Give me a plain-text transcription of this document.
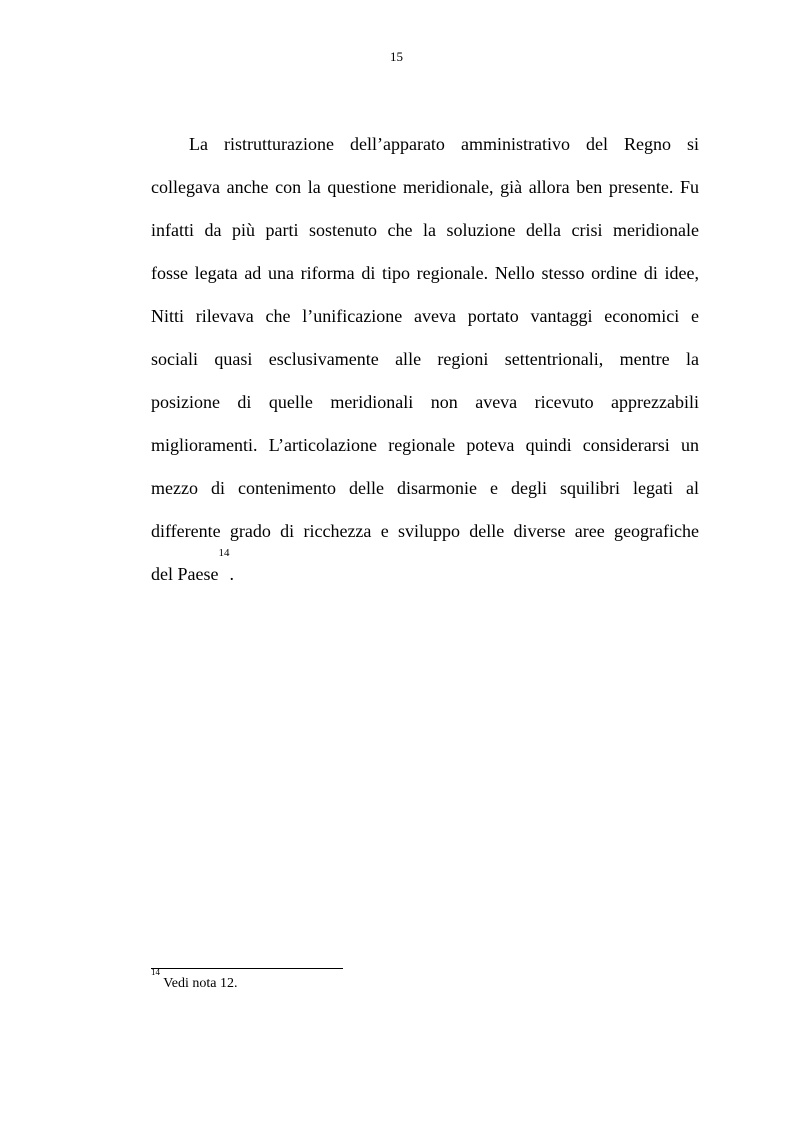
15
La ristrutturazione dell’apparato amministrativo del Regno si
collegava anche con la questione meridionale, già allora ben presente. Fu
infatti da più parti sostenuto che la soluzione della crisi meridionale
fosse legata ad una riforma di tipo regionale. Nello stesso ordine di idee,
Nitti rilevava che l’unificazione aveva portato vantaggi economici e
sociali quasi esclusivamente alle regioni settentrionali, mentre la
posizione di quelle meridionali non aveva ricevuto apprezzabili
miglioramenti. L’articolazione regionale poteva quindi considerarsi un
mezzo di contenimento delle disarmonie e degli squilibri legati al
differente grado di ricchezza e sviluppo delle diverse aree geografiche
del Paese$^{14}$.
$^{14}$ Vedi nota 12.
